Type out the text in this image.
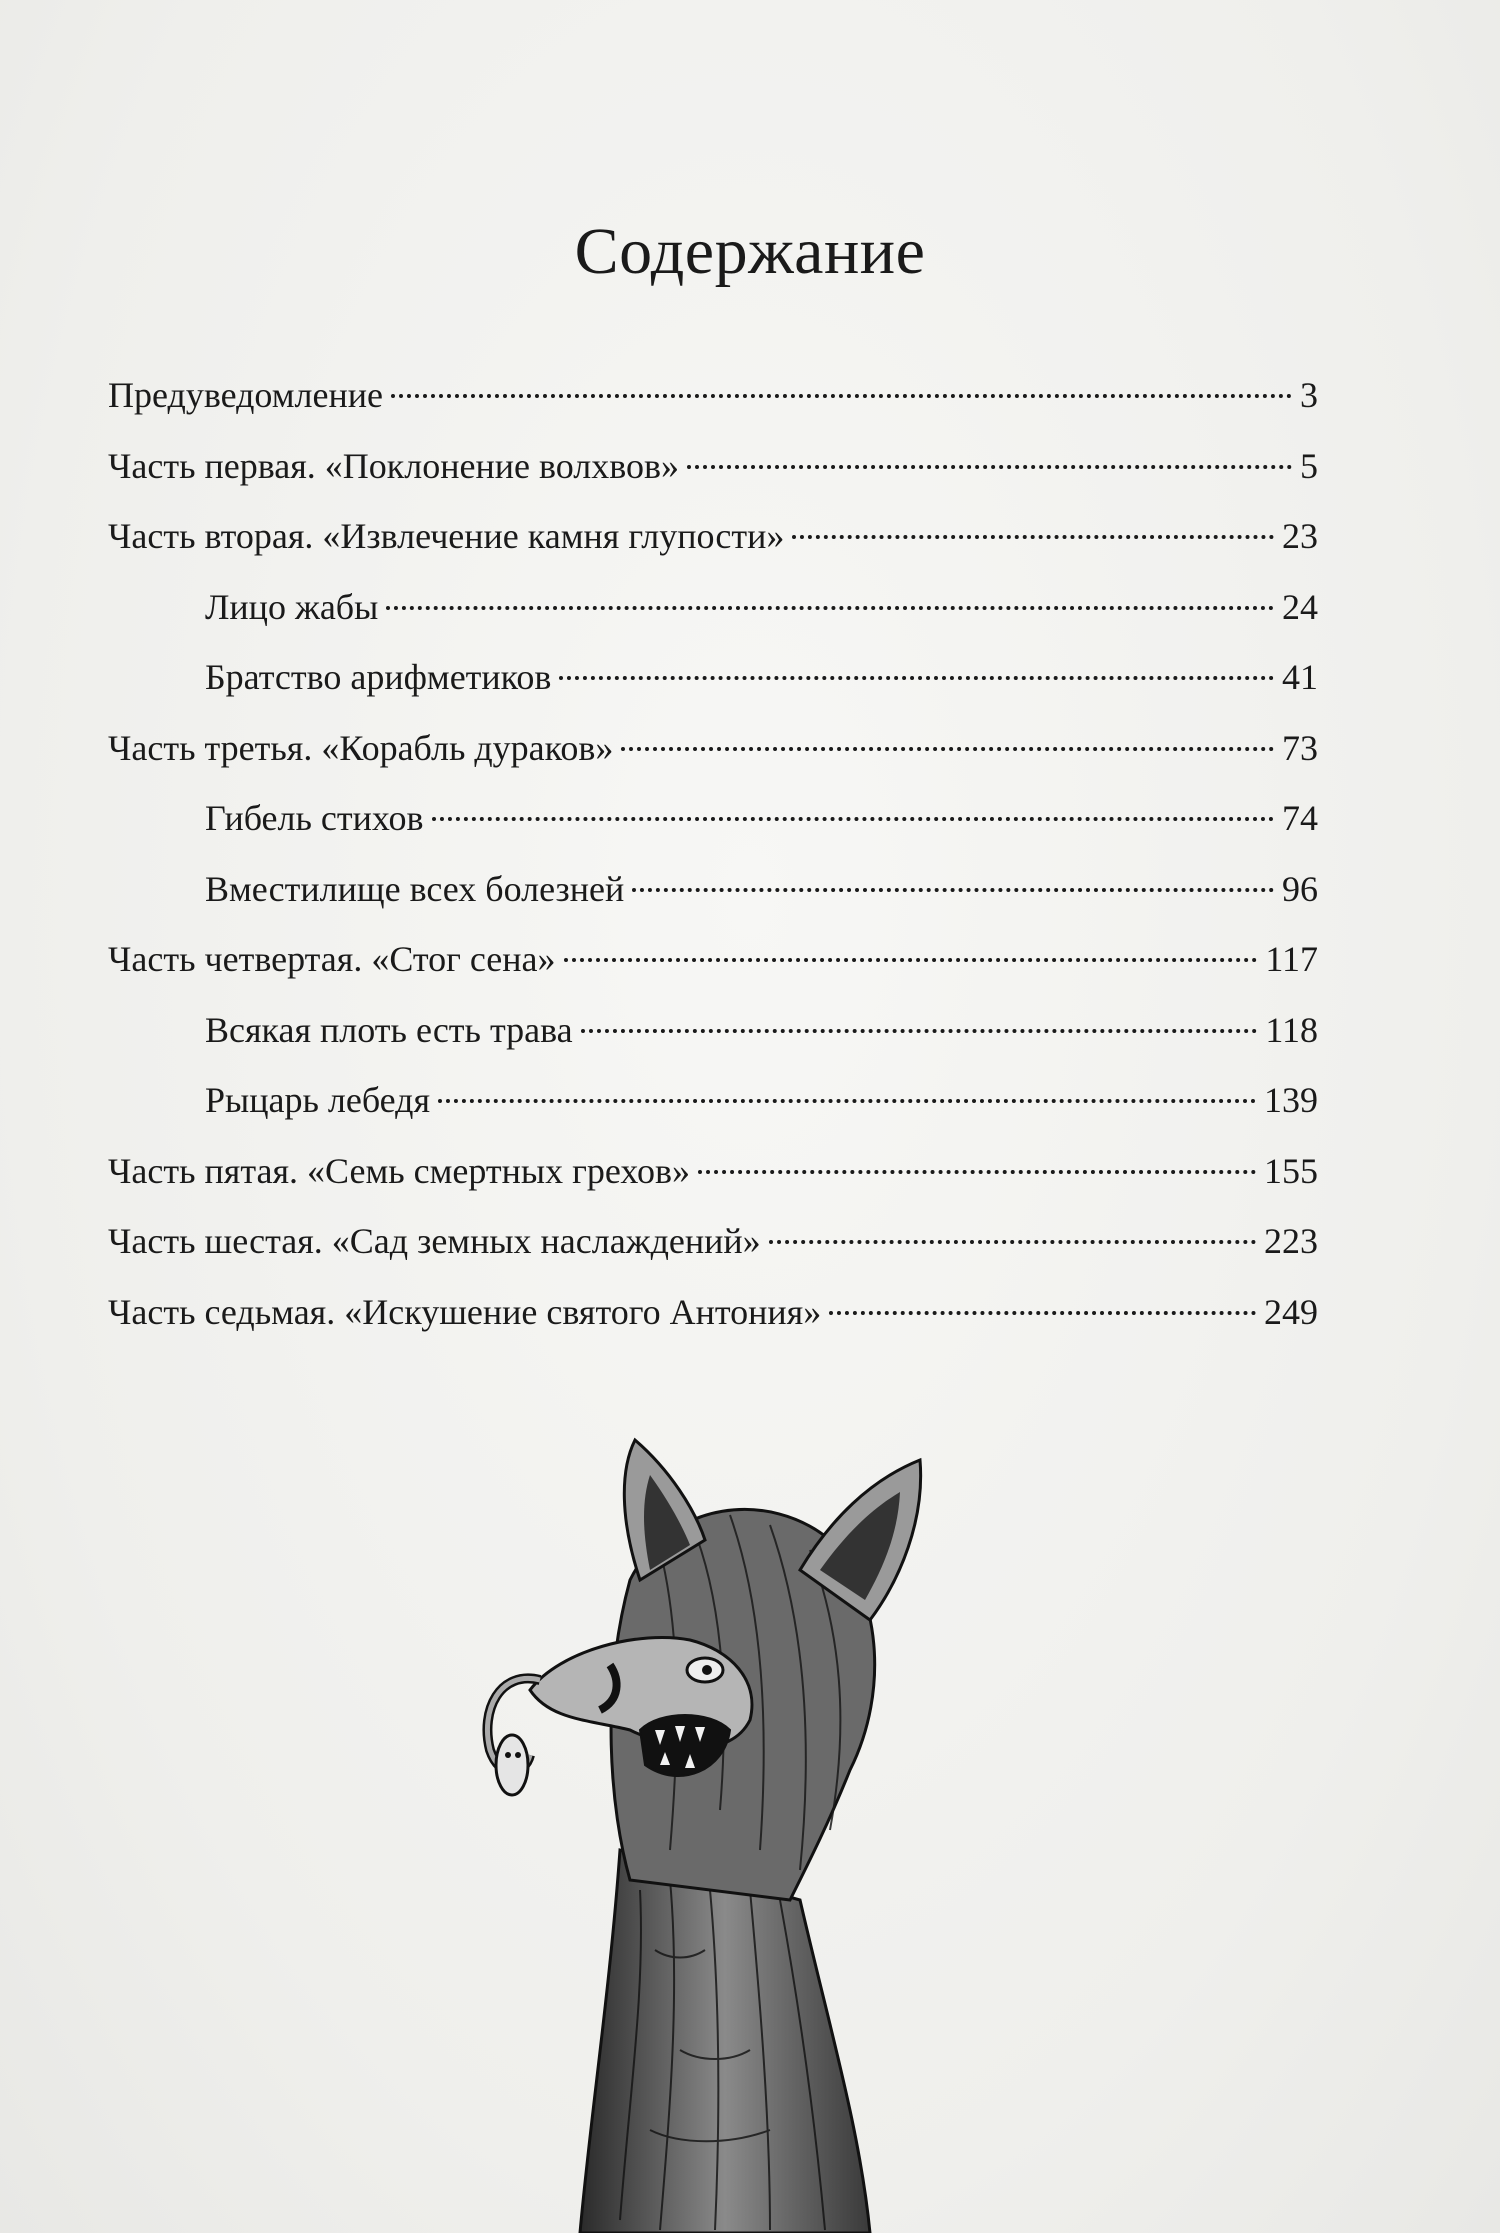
Содержание
Предуведомление	3
Часть первая. «Поклонение волхвов»	5
Часть вторая. «Извлечение камня глупости»	23
Лицо жабы	24
Братство арифметиков	41
Часть третья. «Корабль дураков»	73
Гибель стихов	74
Вместилище всех болезней	96
Часть четвертая. «Стог сена»	117
Всякая плоть есть трава	118
Рыцарь лебедя	139
Часть пятая. «Семь смертных грехов»	155
Часть шестая. «Сад земных наслаждений»	223
Часть седьмая. «Искушение святого Антония»	249
